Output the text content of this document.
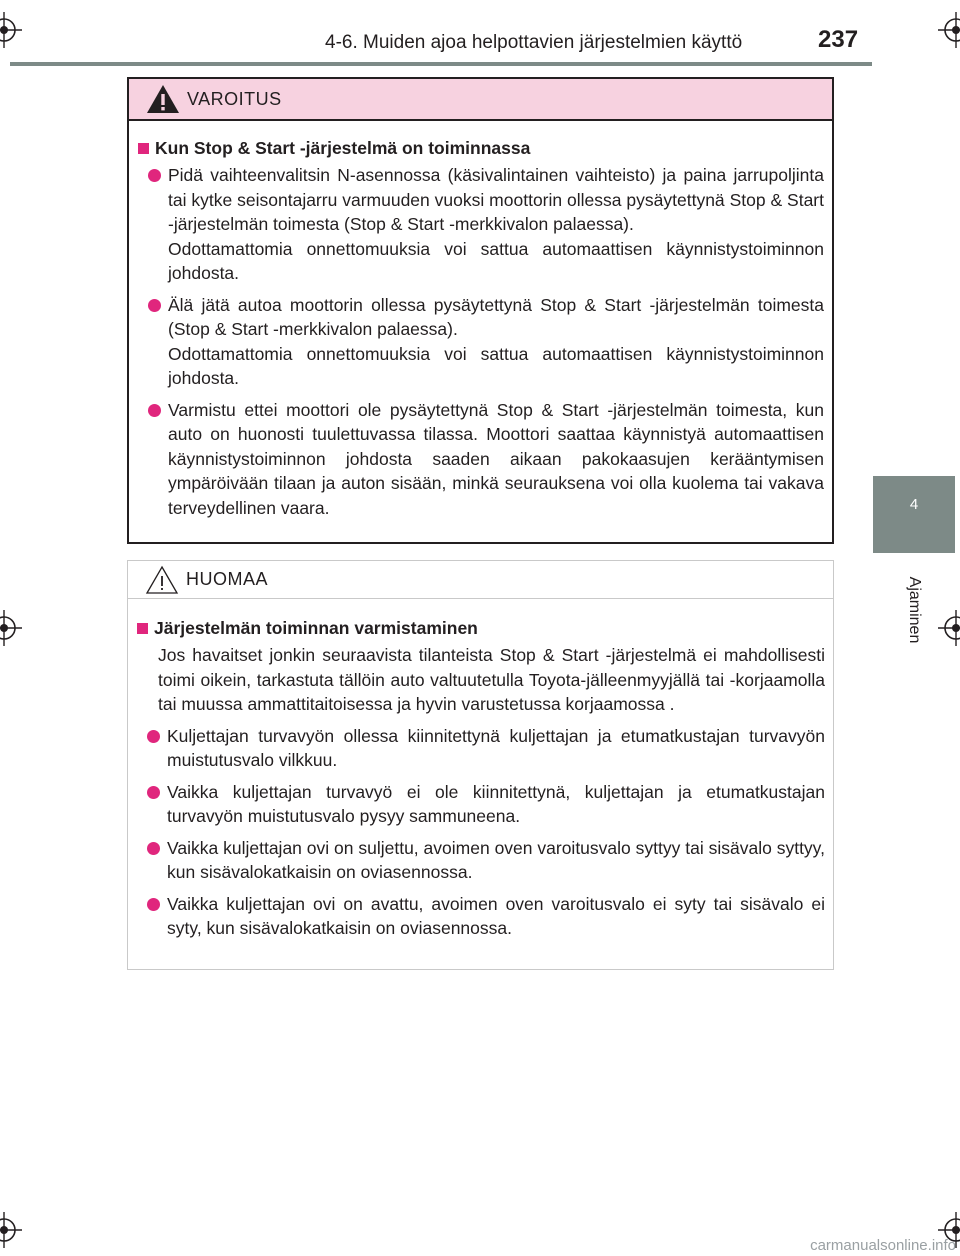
4-6. Muiden ajoa helpottavien järjestelmien käyttö	237
4
Ajaminen
VAROITUS
Kun Stop & Start -järjestelmä on toiminnassa

Pidä vaihteenvalitsin N-asennossa (käsivalintainen vaihteisto) ja paina jarrupoljinta tai kytke seisontajarru varmuuden vuoksi moottorin ollessa pysäytettynä Stop & Start -järjestelmän toimesta (Stop & Start -merkkivalon palaessa).

Odottamattomia onnettomuuksia voi sattua automaattisen käynnistystoiminnon johdosta.

Älä jätä autoa moottorin ollessa pysäytettynä Stop & Start -järjestelmän toimesta (Stop & Start -merkkivalon palaessa).

Odottamattomia onnettomuuksia voi sattua automaattisen käynnistystoiminnon johdosta.

Varmistu ettei moottori ole pysäytettynä Stop & Start -järjestelmän toimesta, kun auto on huonosti tuulettuvassa tilassa. Moottori saattaa käynnistyä automaattisen käynnistystoiminnon johdosta saaden aikaan pakokaasujen kerääntymisen ympäröivään tilaan ja auton sisään, minkä seurauksena voi olla kuolema tai vakava terveydellinen vaara.

HUOMAA
Järjestelmän toiminnan varmistaminen
Jos havaitset jonkin seuraavista tilanteista Stop & Start -järjestelmä ei mahdollisesti toimi oikein, tarkastuta tällöin auto valtuutetulla Toyota-jälleenmyyjällä tai -korjaamolla tai muussa ammattitaitoisessa ja hyvin varustetussa korjaamossa .

Kuljettajan turvavyön ollessa kiinnitettynä kuljettajan ja etumatkustajan turvavyön muistutusvalo vilkkuu.

Vaikka kuljettajan turvavyö ei ole kiinnitettynä, kuljettajan ja etumatkustajan turvavyön muistutusvalo pysyy sammuneena.

Vaikka kuljettajan ovi on suljettu, avoimen oven varoitusvalo syttyy tai sisävalo syttyy, kun sisävalokatkaisin on oviasennossa.

Vaikka kuljettajan ovi on avattu, avoimen oven varoitusvalo ei syty tai sisävalo ei syty, kun sisävalokatkaisin on oviasennossa.

carmanualsonline.info
